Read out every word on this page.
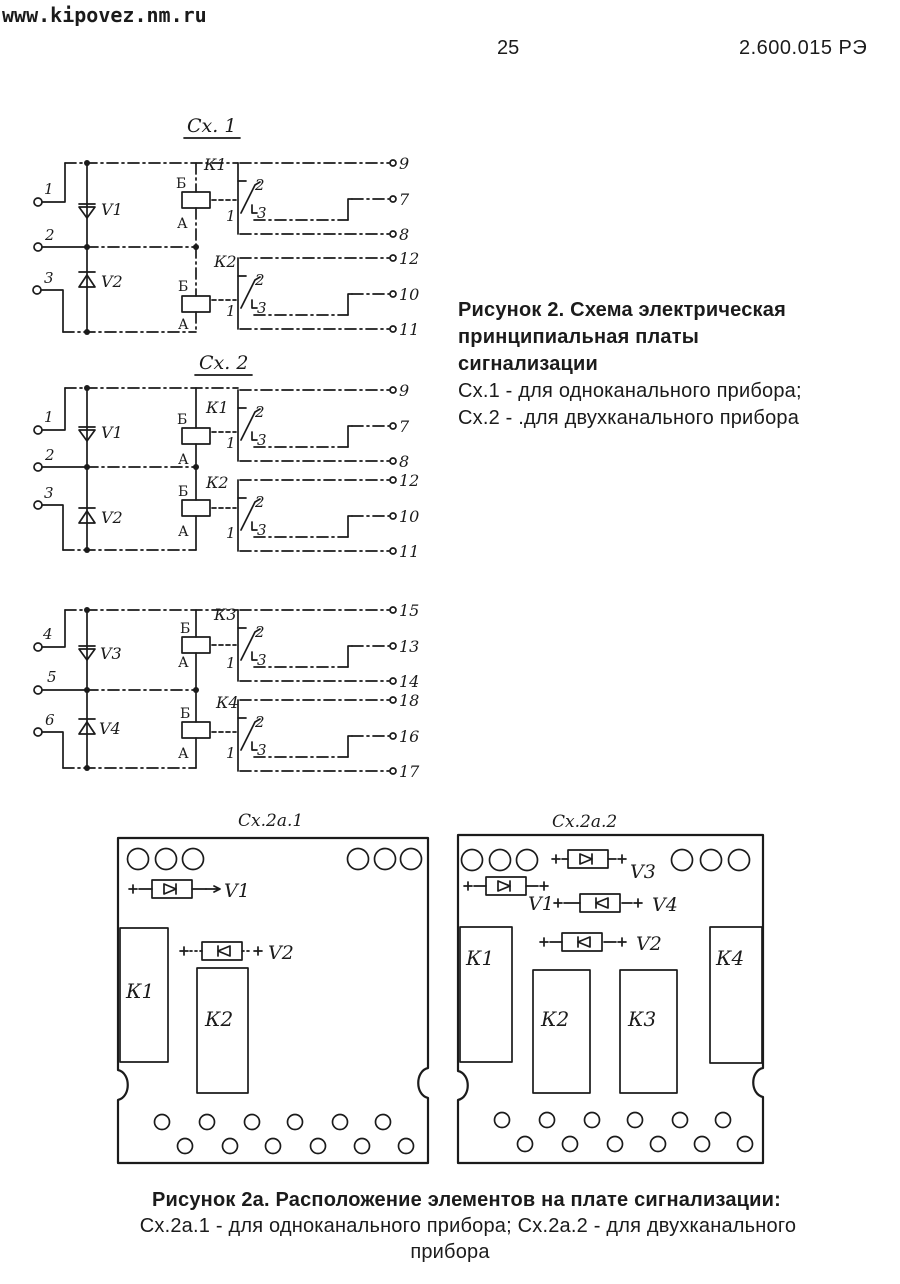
www.kipovez.nm.ru
25	2.600.015 РЭ
Сх. 1
1
2
3
V1
V2
К1
Б
А
2
1 3
9
7
8
К2
Б
А
2
1 3
12
10
11
Сх. 2
1
2
3
V1
V2
К1
Б
А
2
1 3
9
7
8
К2
Б
А
2
1 3
12
10
11
4
5
6
V3
V4
К3
Б
А
2
1 3
15
13
14
К4
Б
А
2
1 3
18
16
17
Рисунок 2. Схема электрическая
принципиальная платы
сигнализации
Сх.1 - для одноканального прибора;
Сх.2 - .для двухканального прибора
Сх.2а.1
V1
К1
V2
К2
Сх.2а.2
V3
V1	V4
V2
К1	К4
К2	К3
Рисунок 2а. Расположение элементов на плате сигнализации:
Сх.2а.1 - для одноканального прибора; Сх.2а.2 - для двухканального
прибора
